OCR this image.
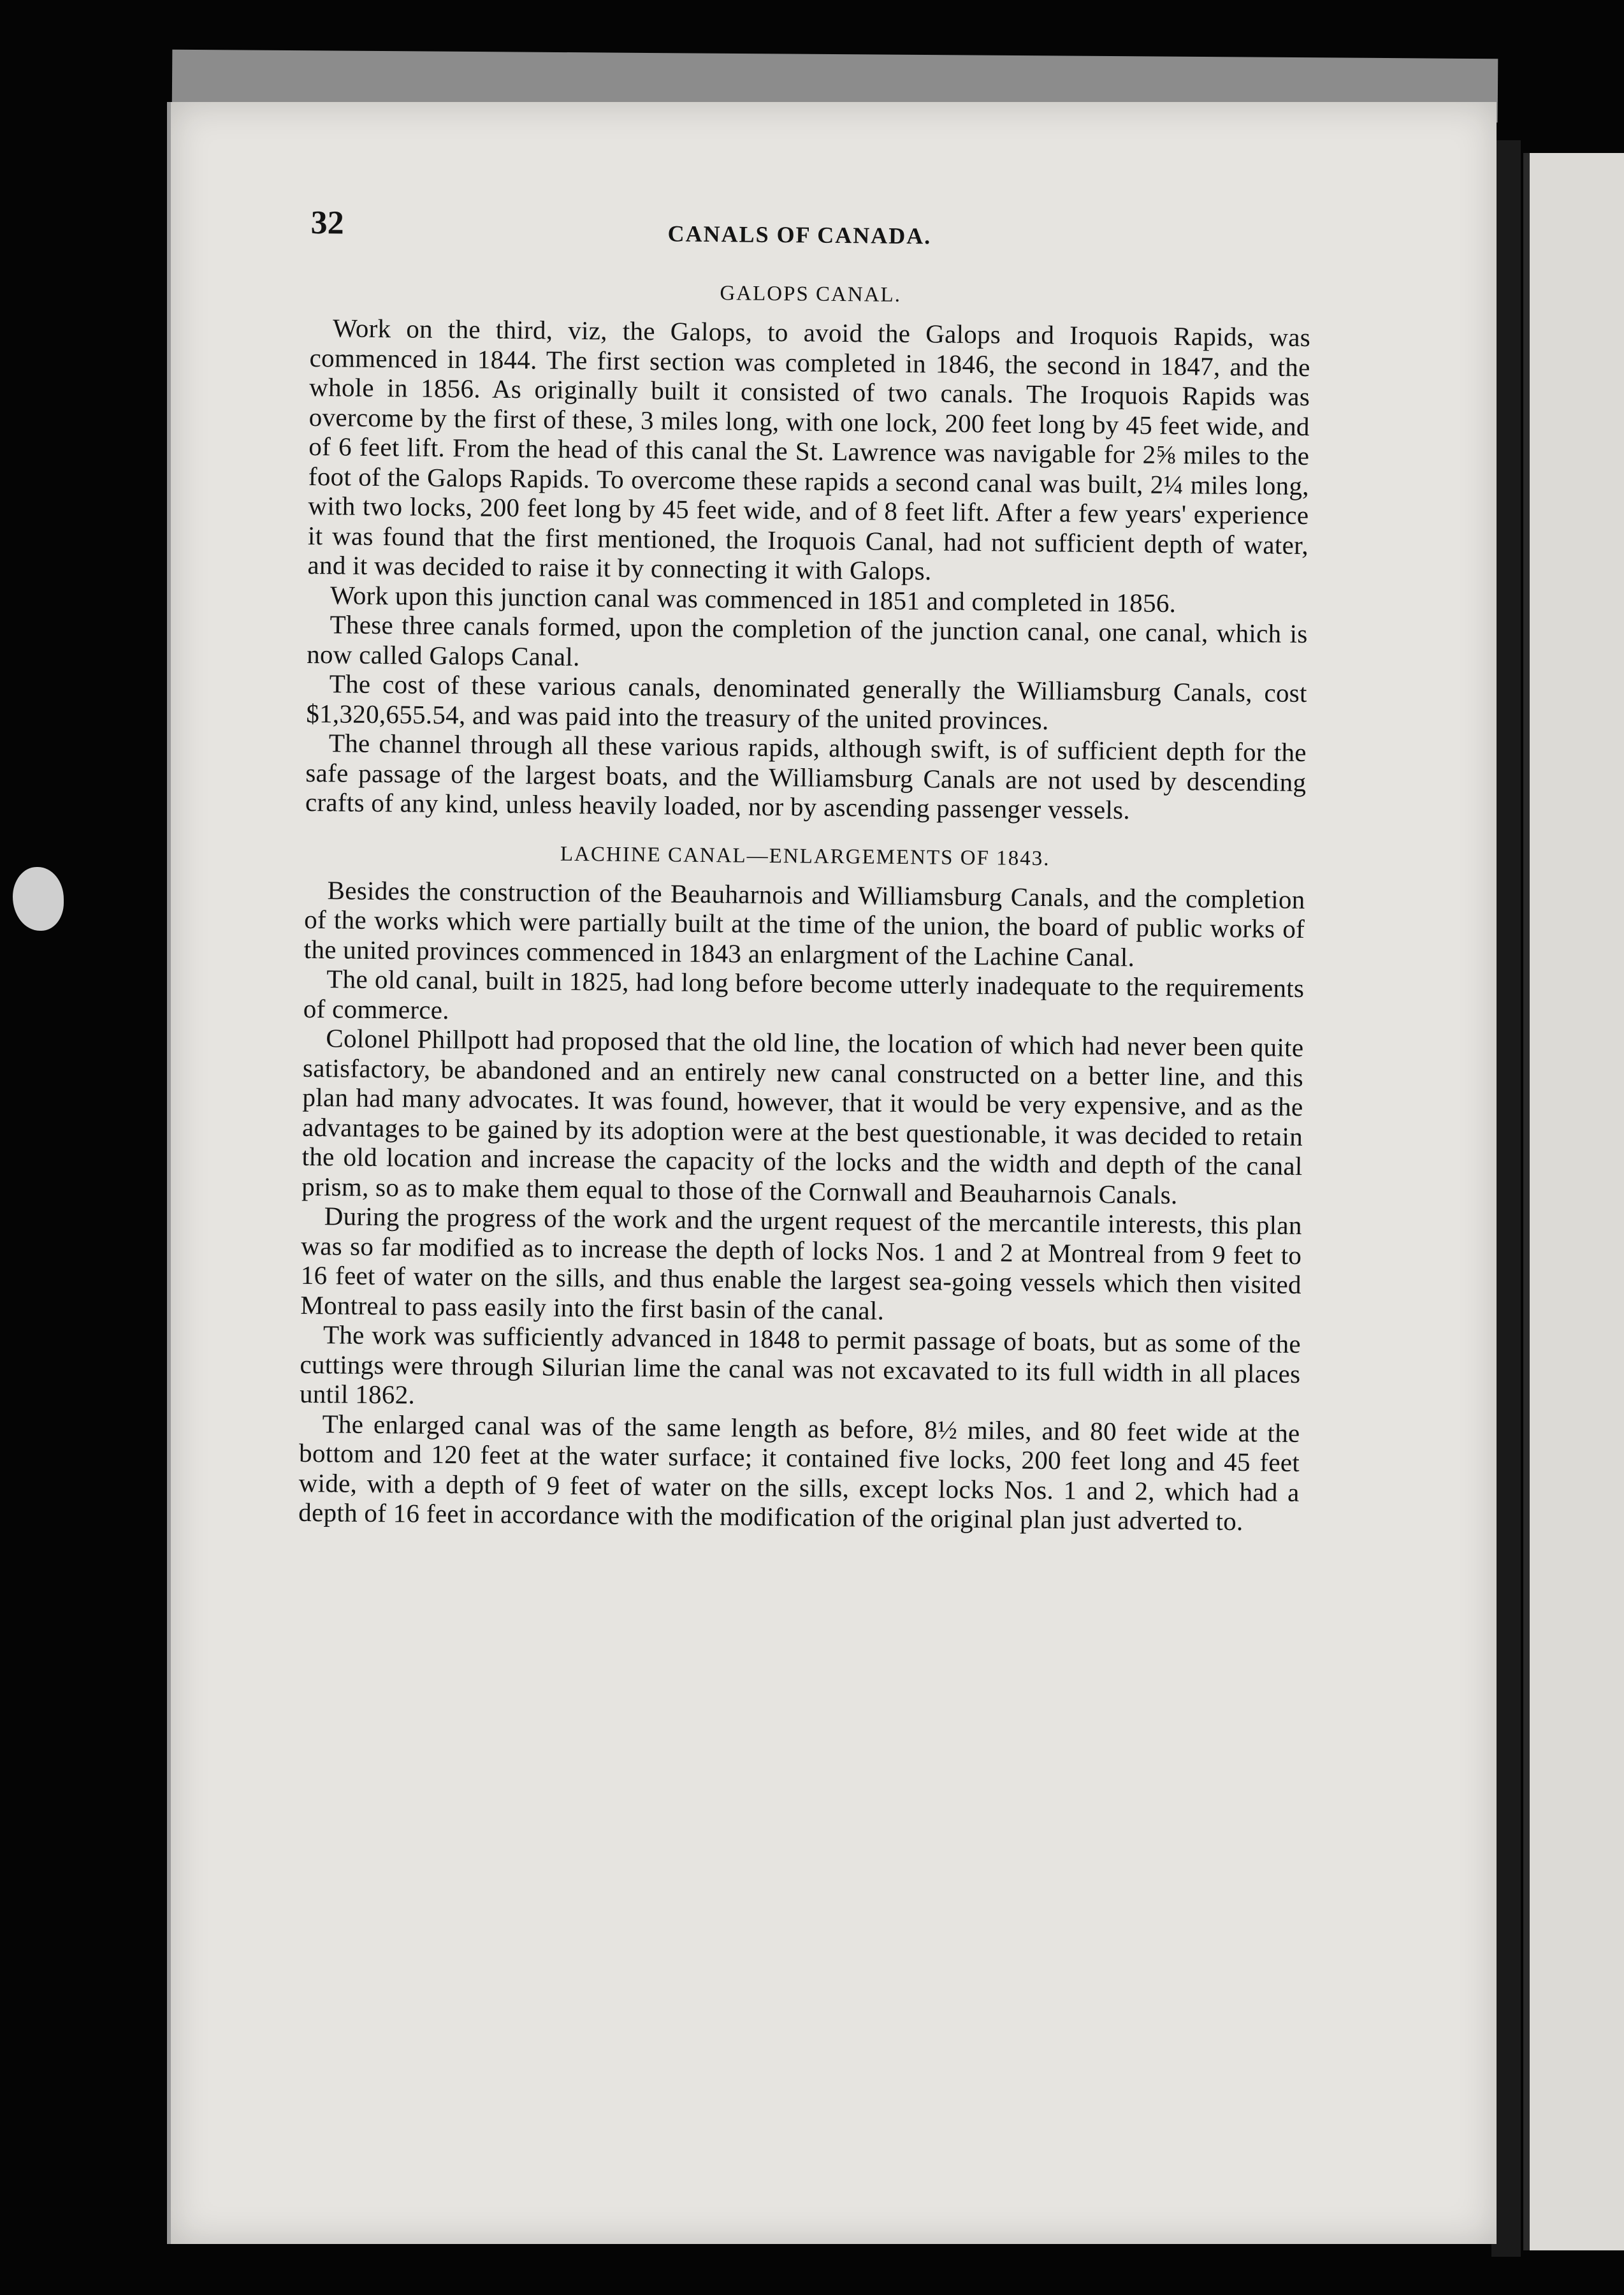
32	CANALS OF CANADA.
GALOPS CANAL.

Work on the third, viz, the Galops, to avoid the Galops and Iroquois Rapids, was commenced in 1844. The first section was completed in 1846, the second in 1847, and the whole in 1856. As originally built it consisted of two canals. The Iroquois Rapids was overcome by the first of these, 3 miles long, with one lock, 200 feet long by 45 feet wide, and of 6 feet lift. From the head of this canal the St. Lawrence was navigable for 2⅝ miles to the foot of the Galops Rapids. To overcome these rapids a second canal was built, 2¼ miles long, with two locks, 200 feet long by 45 feet wide, and of 8 feet lift. After a few years' experience it was found that the first mentioned, the Iroquois Canal, had not sufficient depth of water, and it was decided to raise it by connecting it with Galops.

Work upon this junction canal was commenced in 1851 and completed in 1856.

These three canals formed, upon the completion of the junction canal, one canal, which is now called Galops Canal.

The cost of these various canals, denominated generally the Williamsburg Canals, cost $1,320,655.54, and was paid into the treasury of the united provinces.

The channel through all these various rapids, although swift, is of sufficient depth for the safe passage of the largest boats, and the Williamsburg Canals are not used by descending crafts of any kind, unless heavily loaded, nor by ascending passenger vessels.

LACHINE CANAL—ENLARGEMENTS OF 1843.

Besides the construction of the Beauharnois and Williamsburg Canals, and the completion of the works which were partially built at the time of the union, the board of public works of the united provinces commenced in 1843 an enlargment of the Lachine Canal.

The old canal, built in 1825, had long before become utterly inadequate to the requirements of commerce.

Colonel Phillpott had proposed that the old line, the location of which had never been quite satisfactory, be abandoned and an entirely new canal constructed on a better line, and this plan had many advocates. It was found, however, that it would be very expensive, and as the advantages to be gained by its adoption were at the best questionable, it was decided to retain the old location and increase the capacity of the locks and the width and depth of the canal prism, so as to make them equal to those of the Cornwall and Beauharnois Canals.

During the progress of the work and the urgent request of the mercantile interests, this plan was so far modified as to increase the depth of locks Nos. 1 and 2 at Montreal from 9 feet to 16 feet of water on the sills, and thus enable the largest sea-going vessels which then visited Montreal to pass easily into the first basin of the canal.

The work was sufficiently advanced in 1848 to permit passage of boats, but as some of the cuttings were through Silurian lime the canal was not excavated to its full width in all places until 1862.

The enlarged canal was of the same length as before, 8½ miles, and 80 feet wide at the bottom and 120 feet at the water surface; it contained five locks, 200 feet long and 45 feet wide, with a depth of 9 feet of water on the sills, except locks Nos. 1 and 2, which had a depth of 16 feet in accordance with the modification of the original plan just adverted to.
